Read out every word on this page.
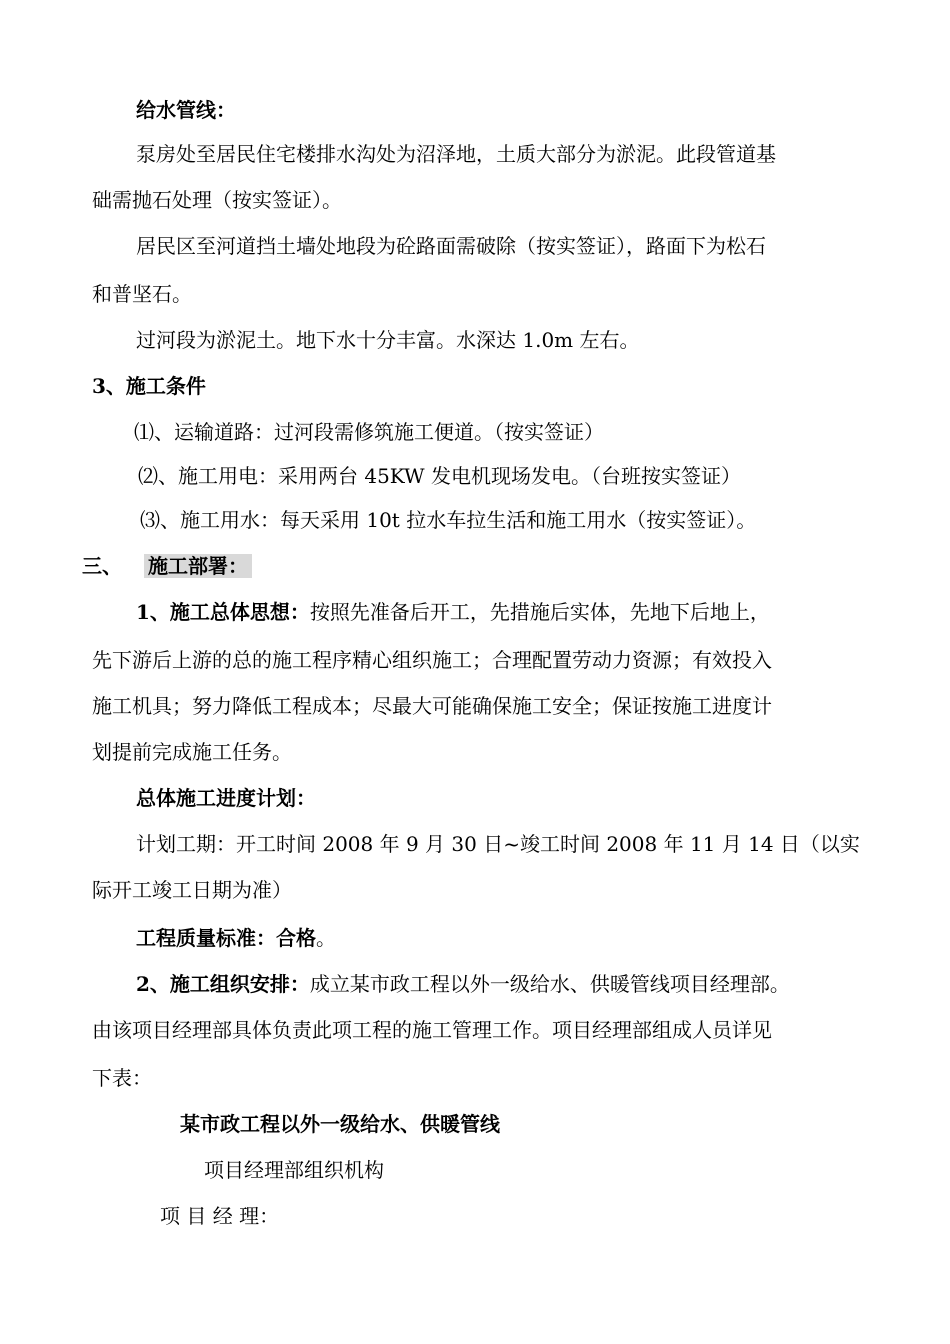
给水管线：
泵房处至居民住宅楼排水沟处为沼泽地，土质大部分为淤泥。此段管道基
础需抛石处理（按实签证）。
居民区至河道挡土墙处地段为砼路面需破除（按实签证），路面下为松石
和普坚石。
过河段为淤泥土。地下水十分丰富。水深达 1.0m 左右。
3、施工条件
⑴、运输道路：过河段需修筑施工便道。（按实签证）
⑵、施工用电：采用两台 45KW 发电机现场发电。（台班按实签证）
⑶、施工用水：每天采用 10t 拉水车拉生活和施工用水（按实签证）。
三、 施工部署：
1、施工总体思想：按照先准备后开工，先措施后实体，先地下后地上，
先下游后上游的总的施工程序精心组织施工；合理配置劳动力资源；有效投入
施工机具；努力降低工程成本；尽最大可能确保施工安全；保证按施工进度计
划提前完成施工任务。
总体施工进度计划：
计划工期：开工时间 2008 年 9 月 30 日~竣工时间 2008 年 11 月 14 日（以实
际开工竣工日期为准）
工程质量标准：合格。
2、施工组织安排：成立某市政工程以外一级给水、供暖管线项目经理部。
由该项目经理部具体负责此项工程的施工管理工作。项目经理部组成人员详见
下表：
某市政工程以外一级给水、供暖管线
项目经理部组织机构
项 目 经 理：
